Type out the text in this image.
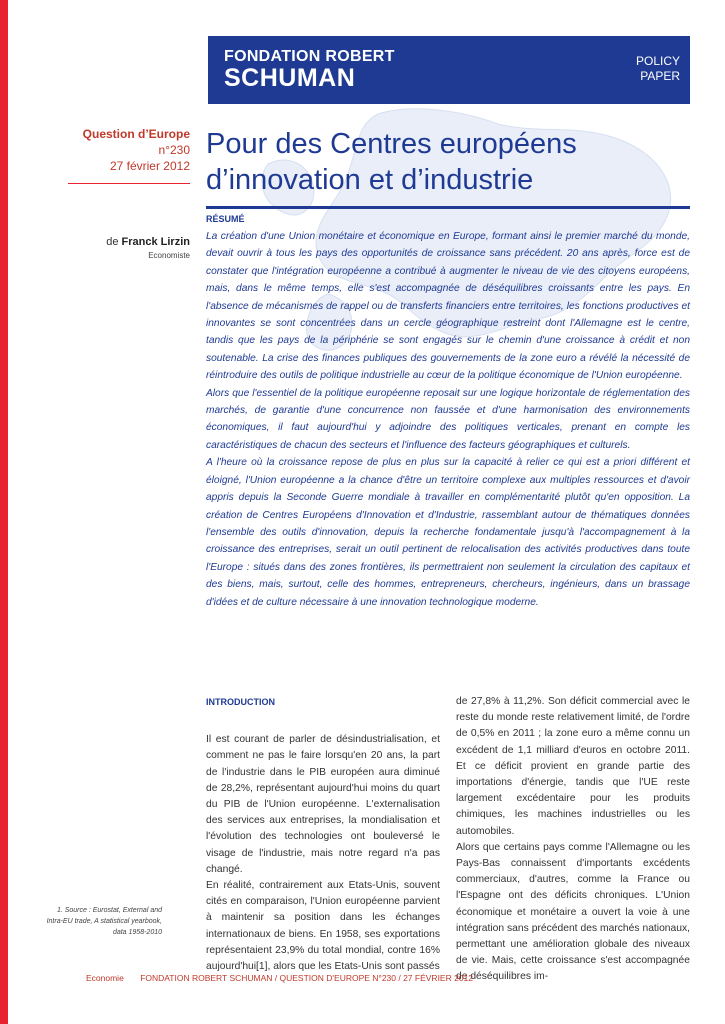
FONDATION ROBERT
SCHUMAN
POLICY
PAPER
Question d’Europe
n°230
27 février 2012
de Franck Lirzin
Economiste
Pour des Centres européens
d’innovation et d’industrie
RÉSUMÉ

La création d'une Union monétaire et économique en Europe, formant ainsi le premier marché du monde, devait ouvrir à tous les pays des opportunités de croissance sans précédent. 20 ans après, force est de constater que l'intégration européenne a contribué à augmenter le niveau de vie des citoyens européens, mais, dans le même temps, elle s'est accompagnée de déséquilibres croissants entre les pays. En l'absence de mécanismes de rappel ou de transferts financiers entre territoires, les fonctions productives et innovantes se sont concentrées dans un cercle géographique restreint dont l'Allemagne est le centre, tandis que les pays de la périphérie se sont engagés sur le chemin d'une croissance à crédit et non soutenable. La crise des finances publiques des gouvernements de la zone euro a révélé la nécessité de réintroduire des outils de politique industrielle au cœur de la politique économique de l'Union européenne.

Alors que l'essentiel de la politique européenne reposait sur une logique horizontale de réglementation des marchés, de garantie d'une concurrence non faussée et d'une harmonisation des environnements économiques, il faut aujourd'hui y adjoindre des politiques verticales, prenant en compte les caractéristiques de chacun des secteurs et l'influence des facteurs géographiques et culturels.

A l'heure où la croissance repose de plus en plus sur la capacité à relier ce qui est a priori différent et éloigné, l'Union européenne a la chance d'être un territoire complexe aux multiples ressources et d'avoir appris depuis la Seconde Guerre mondiale à travailler en complémentarité plutôt qu'en opposition. La création de Centres Européens d'Innovation et d'Industrie, rassemblant autour de thématiques données l'ensemble des outils d'innovation, depuis la recherche fondamentale jusqu'à l'accompagnement à la croissance des entreprises, serait un outil pertinent de relocalisation des activités productives dans toute l'Europe : situés dans des zones frontières, ils permettraient non seulement la circulation des capitaux et des biens, mais, surtout, celle des hommes, entrepreneurs, chercheurs, ingénieurs, dans un brassage d'idées et de culture nécessaire à une innovation technologique moderne.

INTRODUCTION

Il est courant de parler de désindustrialisation, et comment ne pas le faire lorsqu'en 20 ans, la part de l'industrie dans le PIB européen aura diminué de 28,2%, représentant aujourd'hui moins du quart du PIB de l'Union européenne. L'externalisation des services aux entreprises, la mondialisation et l'évolution des technologies ont bouleversé le visage de l'industrie, mais notre regard n'a pas changé.

En réalité, contrairement aux Etats-Unis, souvent cités en comparaison, l'Union européenne parvient à maintenir sa position dans les échanges internationaux de biens. En 1958, ses exportations représentaient 23,9% du total mondial, contre 16% aujourd'hui[1], alors que les Etats-Unis sont passés

de 27,8% à 11,2%. Son déficit commercial avec le reste du monde reste relativement limité, de l'ordre de 0,5% en 2011 ; la zone euro a même connu un excédent de 1,1 milliard d'euros en octobre 2011. Et ce déficit provient en grande partie des importations d'énergie, tandis que l'UE reste largement excédentaire pour les produits chimiques, les machines industrielles ou les automobiles.

Alors que certains pays comme l'Allemagne ou les Pays-Bas connaissent d'importants excédents commerciaux, d'autres, comme la France ou l'Espagne ont des déficits chroniques. L'Union économique et monétaire a ouvert la voie à une intégration sans précédent des marchés nationaux, permettant une amélioration globale des niveaux de vie. Mais, cette croissance s'est accompagnée de déséquilibres im-

1. Source : Eurostat, External and Intra-EU trade, A statistical yearbook, data 1958-2010
Economie FONDATION ROBERT SCHUMAN / QUESTION D'EUROPE N°230 / 27 FÉVRIER 2012
